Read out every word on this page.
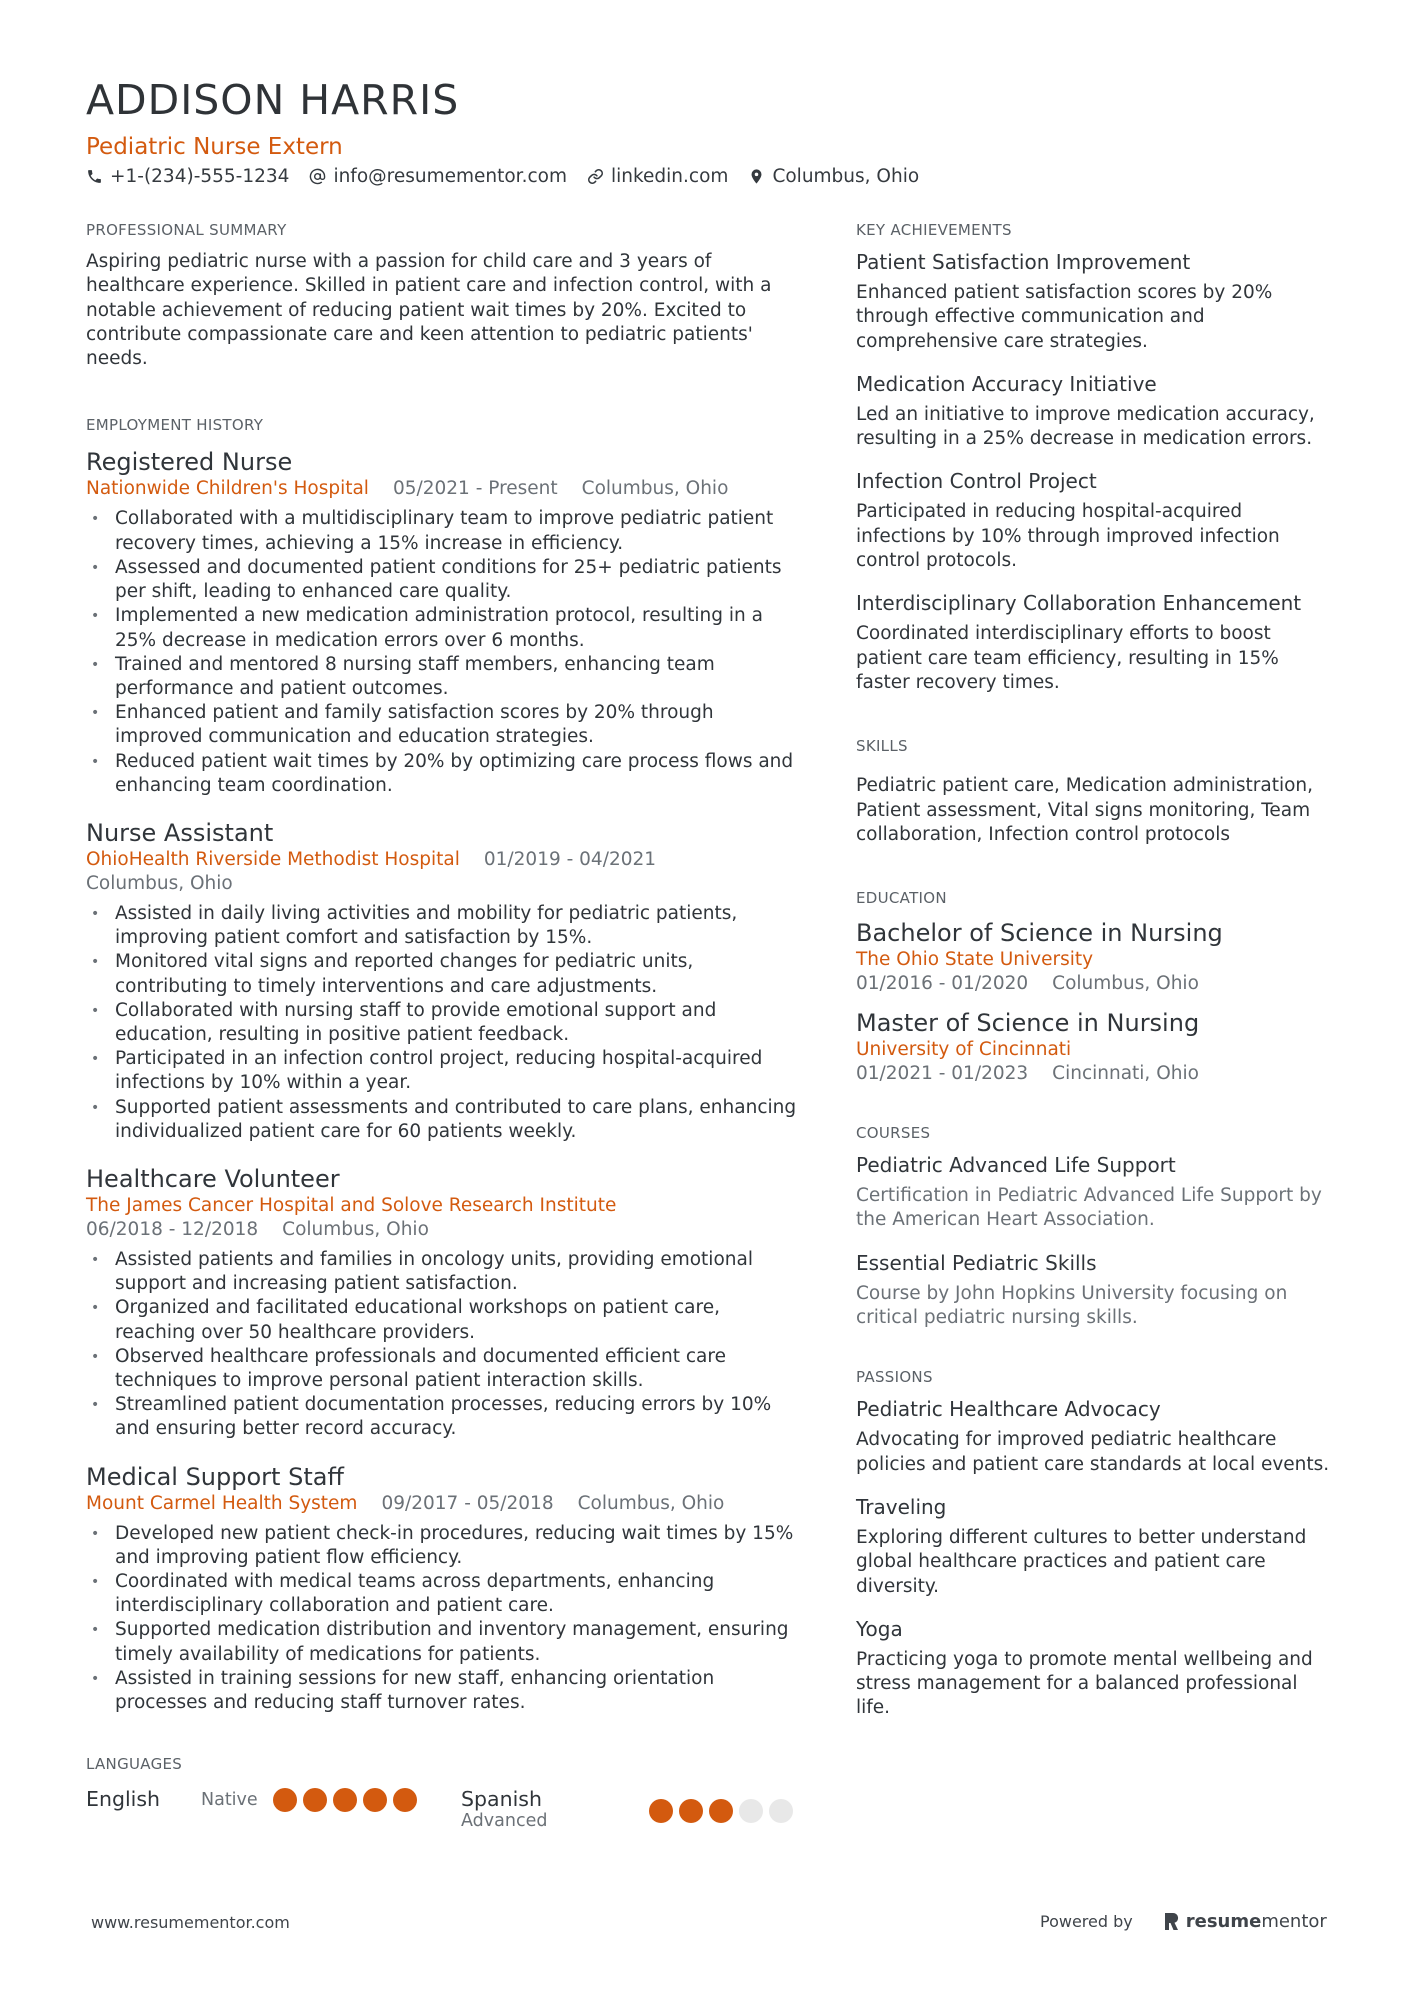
ADDISON HARRIS
Pediatric Nurse Extern
+1-(234)-555-1234 info@resumementor.com linkedin.com Columbus, Ohio
PROFESSIONAL SUMMARY
Aspiring pediatric nurse with a passion for child care and 3 years of healthcare experience. Skilled in patient care and infection control, with a notable achievement of reducing patient wait times by 20%. Excited to contribute compassionate care and keen attention to pediatric patients' needs.
EMPLOYMENT HISTORY
Registered Nurse
Nationwide Children's Hospital 05/2021 - Present Columbus, Ohio
• Collaborated with a multidisciplinary team to improve pediatric patient recovery times, achieving a 15% increase in efficiency.
• Assessed and documented patient conditions for 25+ pediatric patients per shift, leading to enhanced care quality.
• Implemented a new medication administration protocol, resulting in a 25% decrease in medication errors over 6 months.
• Trained and mentored 8 nursing staff members, enhancing team performance and patient outcomes.
• Enhanced patient and family satisfaction scores by 20% through improved communication and education strategies.
• Reduced patient wait times by 20% by optimizing care process flows and enhancing team coordination.
Nurse Assistant
OhioHealth Riverside Methodist Hospital 01/2019 - 04/2021
Columbus, Ohio
• Assisted in daily living activities and mobility for pediatric patients, improving patient comfort and satisfaction by 15%.
• Monitored vital signs and reported changes for pediatric units, contributing to timely interventions and care adjustments.
• Collaborated with nursing staff to provide emotional support and education, resulting in positive patient feedback.
• Participated in an infection control project, reducing hospital-acquired infections by 10% within a year.
• Supported patient assessments and contributed to care plans, enhancing individualized patient care for 60 patients weekly.
Healthcare Volunteer
The James Cancer Hospital and Solove Research Institute
06/2018 - 12/2018 Columbus, Ohio
• Assisted patients and families in oncology units, providing emotional support and increasing patient satisfaction.
• Organized and facilitated educational workshops on patient care, reaching over 50 healthcare providers.
• Observed healthcare professionals and documented efficient care techniques to improve personal patient interaction skills.
• Streamlined patient documentation processes, reducing errors by 10% and ensuring better record accuracy.
Medical Support Staff
Mount Carmel Health System 09/2017 - 05/2018 Columbus, Ohio
• Developed new patient check-in procedures, reducing wait times by 15% and improving patient flow efficiency.
• Coordinated with medical teams across departments, enhancing interdisciplinary collaboration and patient care.
• Supported medication distribution and inventory management, ensuring timely availability of medications for patients.
• Assisted in training sessions for new staff, enhancing orientation processes and reducing staff turnover rates.
LANGUAGES
English	Native	Spanish
Advanced
KEY ACHIEVEMENTS
Patient Satisfaction Improvement
Enhanced patient satisfaction scores by 20% through effective communication and comprehensive care strategies.
Medication Accuracy Initiative
Led an initiative to improve medication accuracy, resulting in a 25% decrease in medication errors.
Infection Control Project
Participated in reducing hospital-acquired infections by 10% through improved infection control protocols.
Interdisciplinary Collaboration Enhancement
Coordinated interdisciplinary efforts to boost patient care team efficiency, resulting in 15% faster recovery times.
SKILLS
Pediatric patient care, Medication administration, Patient assessment, Vital signs monitoring, Team collaboration, Infection control protocols
EDUCATION
Bachelor of Science in Nursing
The Ohio State University
01/2016 - 01/2020 Columbus, Ohio
Master of Science in Nursing
University of Cincinnati
01/2021 - 01/2023 Cincinnati, Ohio
COURSES
Pediatric Advanced Life Support
Certification in Pediatric Advanced Life Support by the American Heart Association.
Essential Pediatric Skills
Course by John Hopkins University focusing on critical pediatric nursing skills.
PASSIONS
Pediatric Healthcare Advocacy
Advocating for improved pediatric healthcare policies and patient care standards at local events.
Traveling
Exploring different cultures to better understand global healthcare practices and patient care diversity.
Yoga
Practicing yoga to promote mental wellbeing and stress management for a balanced professional life.
www.resumementor.com	Powered by	resume mentor
